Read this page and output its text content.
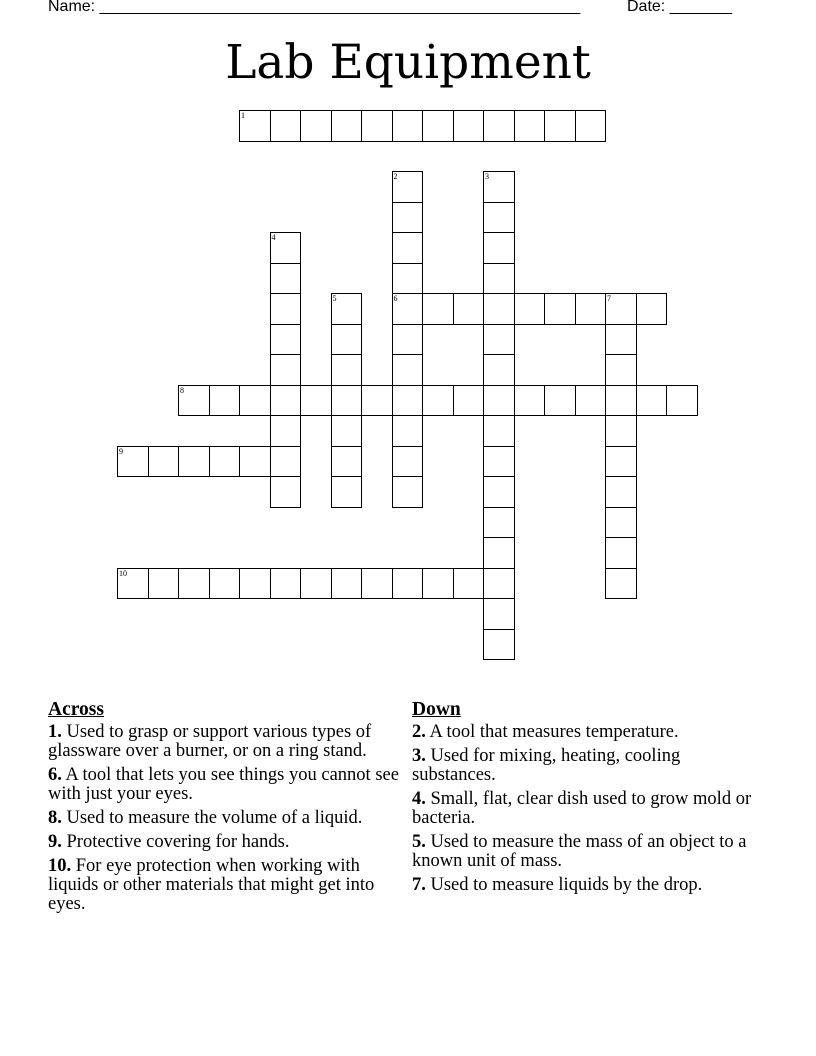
Name: ______________________________________________________	Date: _______
Lab Equipment
1
2
6
3
4
5	7
8
9
10
Across
1. Used to grasp or support various types of glassware over a burner, or on a ring stand.
6. A tool that lets you see things you cannot see with just your eyes.
8. Used to measure the volume of a liquid.
9. Protective covering for hands.
10. For eye protection when working with liquids or other materials that might get into eyes.
Down
2. A tool that measures temperature.
3. Used for mixing, heating, cooling substances.
4. Small, flat, clear dish used to grow mold or bacteria.
5. Used to measure the mass of an object to a known unit of mass.
7. Used to measure liquids by the drop.
